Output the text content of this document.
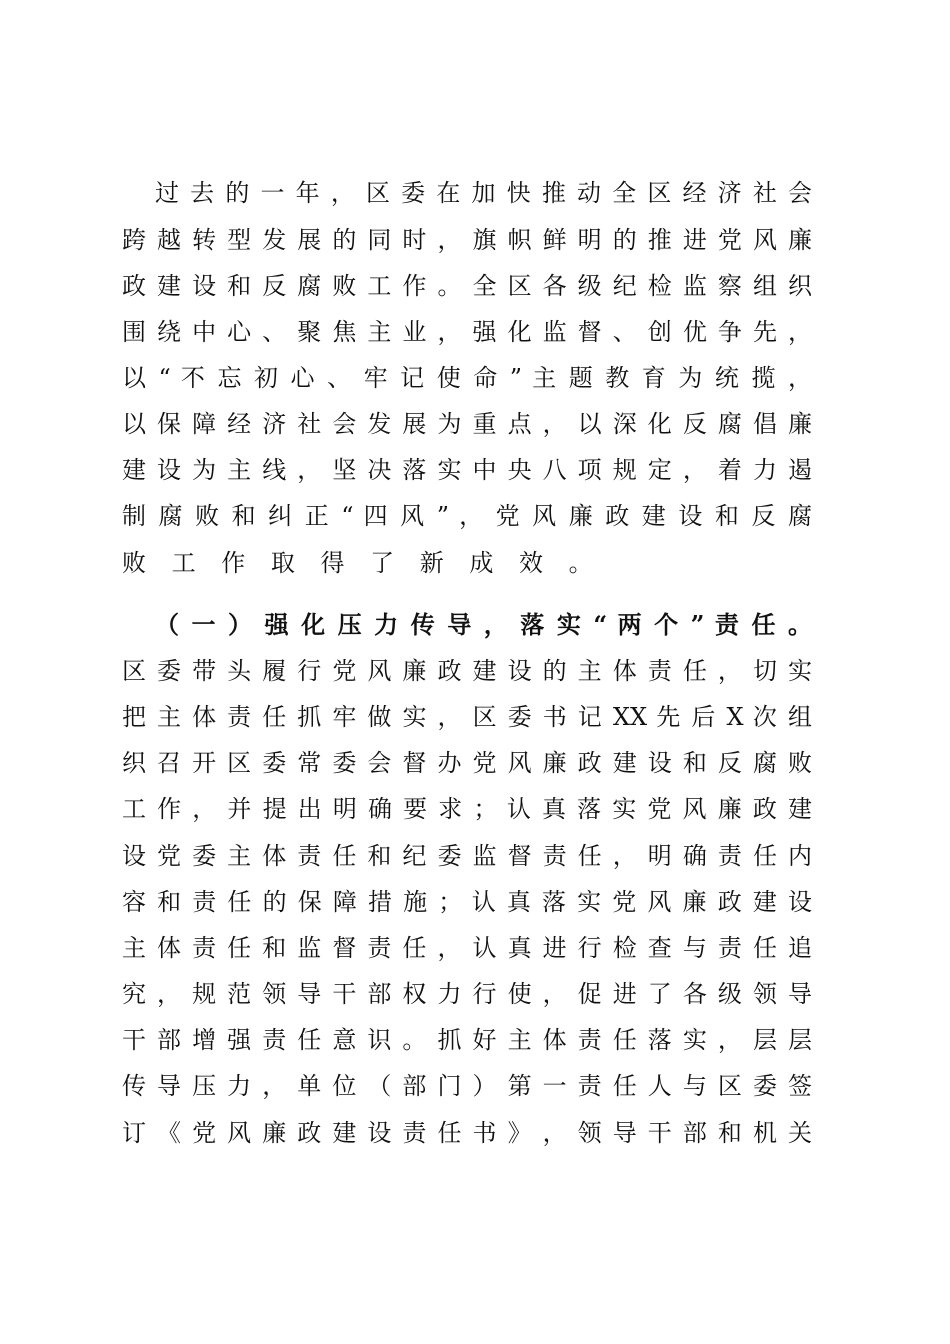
过 去 的 一 年 ， 区 委 在 加 快 推 动 全 区 经 济 社 会
跨 越 转 型 发 展 的 同 时 ， 旗 帜 鲜 明 的 推 进 党 风 廉
政 建 设 和 反 腐 败 工 作 。 全 区 各 级 纪 检 监 察 组 织
围 绕 中 心 、 聚 焦 主 业 ， 强 化 监 督 、 创 优 争 先 ，
以 “ 不 忘 初 心 、 牢 记 使 命 ” 主 题 教 育 为 统 揽 ，
以 保 障 经 济 社 会 发 展 为 重 点 ， 以 深 化 反 腐 倡 廉
建 设 为 主 线 ， 坚 决 落 实 中 央 八 项 规 定 ， 着 力 遏
制 腐 败 和 纠 正 “ 四 风 ” ， 党 风 廉 政 建 设 和 反 腐
败 工 作 取 得 了 新 成 效 。
（ 一 ） 强 化 压 力 传 导 ， 落 实 “ 两 个 ” 责 任 。
区 委 带 头 履 行 党 风 廉 政 建 设 的 主 体 责 任 ， 切 实
把 主 体 责 任 抓 牢 做 实 ， 区 委 书 记 XX 先 后 X 次 组
织 召 开 区 委 常 委 会 督 办 党 风 廉 政 建 设 和 反 腐 败
工 作 ， 并 提 出 明 确 要 求 ； 认 真 落 实 党 风 廉 政 建
设 党 委 主 体 责 任 和 纪 委 监 督 责 任 ， 明 确 责 任 内
容 和 责 任 的 保 障 措 施 ； 认 真 落 实 党 风 廉 政 建 设
主 体 责 任 和 监 督 责 任 ， 认 真 进 行 检 查 与 责 任 追
究 ， 规 范 领 导 干 部 权 力 行 使 ， 促 进 了 各 级 领 导
干 部 增 强 责 任 意 识 。 抓 好 主 体 责 任 落 实 ， 层 层
传 导 压 力 ， 单 位 （ 部 门 ） 第 一 责 任 人 与 区 委 签
订 《 党 风 廉 政 建 设 责 任 书 》 ， 领 导 干 部 和 机 关
